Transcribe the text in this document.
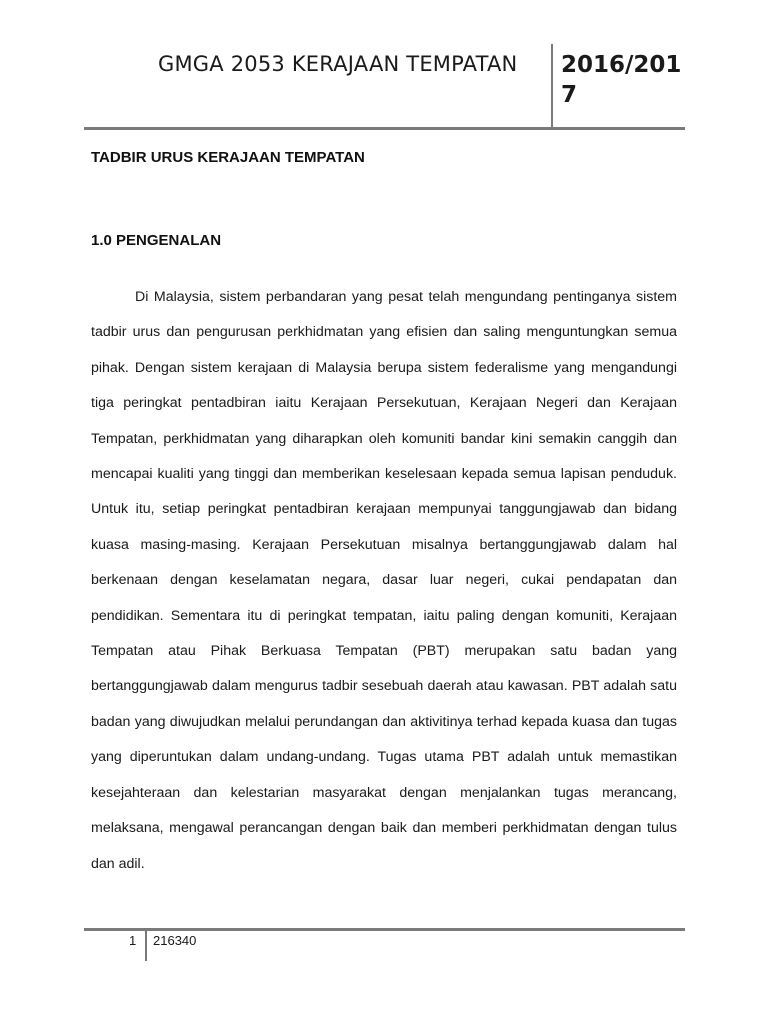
GMGA 2053 KERAJAAN TEMPATAN 2016/2017
TADBIR URUS KERAJAAN TEMPATAN
1.0 PENGENALAN

Di Malaysia, sistem perbandaran yang pesat telah mengundang pentinganya sistem tadbir urus dan pengurusan perkhidmatan yang efisien dan saling menguntungkan semua pihak. Dengan sistem kerajaan di Malaysia berupa sistem federalisme yang mengandungi tiga peringkat pentadbiran iaitu Kerajaan Persekutuan, Kerajaan Negeri dan Kerajaan Tempatan, perkhidmatan yang diharapkan oleh komuniti bandar kini semakin canggih dan mencapai kualiti yang tinggi dan memberikan keselesaan kepada semua lapisan penduduk. Untuk itu, setiap peringkat pentadbiran kerajaan mempunyai tanggungjawab dan bidang kuasa masing-masing. Kerajaan Persekutuan misalnya bertanggungjawab dalam hal berkenaan dengan keselamatan negara, dasar luar negeri, cukai pendapatan dan pendidikan. Sementara itu di peringkat tempatan, iaitu paling dengan komuniti, Kerajaan Tempatan atau Pihak Berkuasa Tempatan (PBT) merupakan satu badan yang bertanggungjawab dalam mengurus tadbir sesebuah daerah atau kawasan. PBT adalah satu badan yang diwujudkan melalui perundangan dan aktivitinya terhad kepada kuasa dan tugas yang diperuntukan dalam undang-undang. Tugas utama PBT adalah untuk memastikan kesejahteraan dan kelestarian masyarakat dengan menjalankan tugas merancang, melaksana, mengawal perancangan dengan baik dan memberi perkhidmatan dengan tulus dan adil.

1 216340
